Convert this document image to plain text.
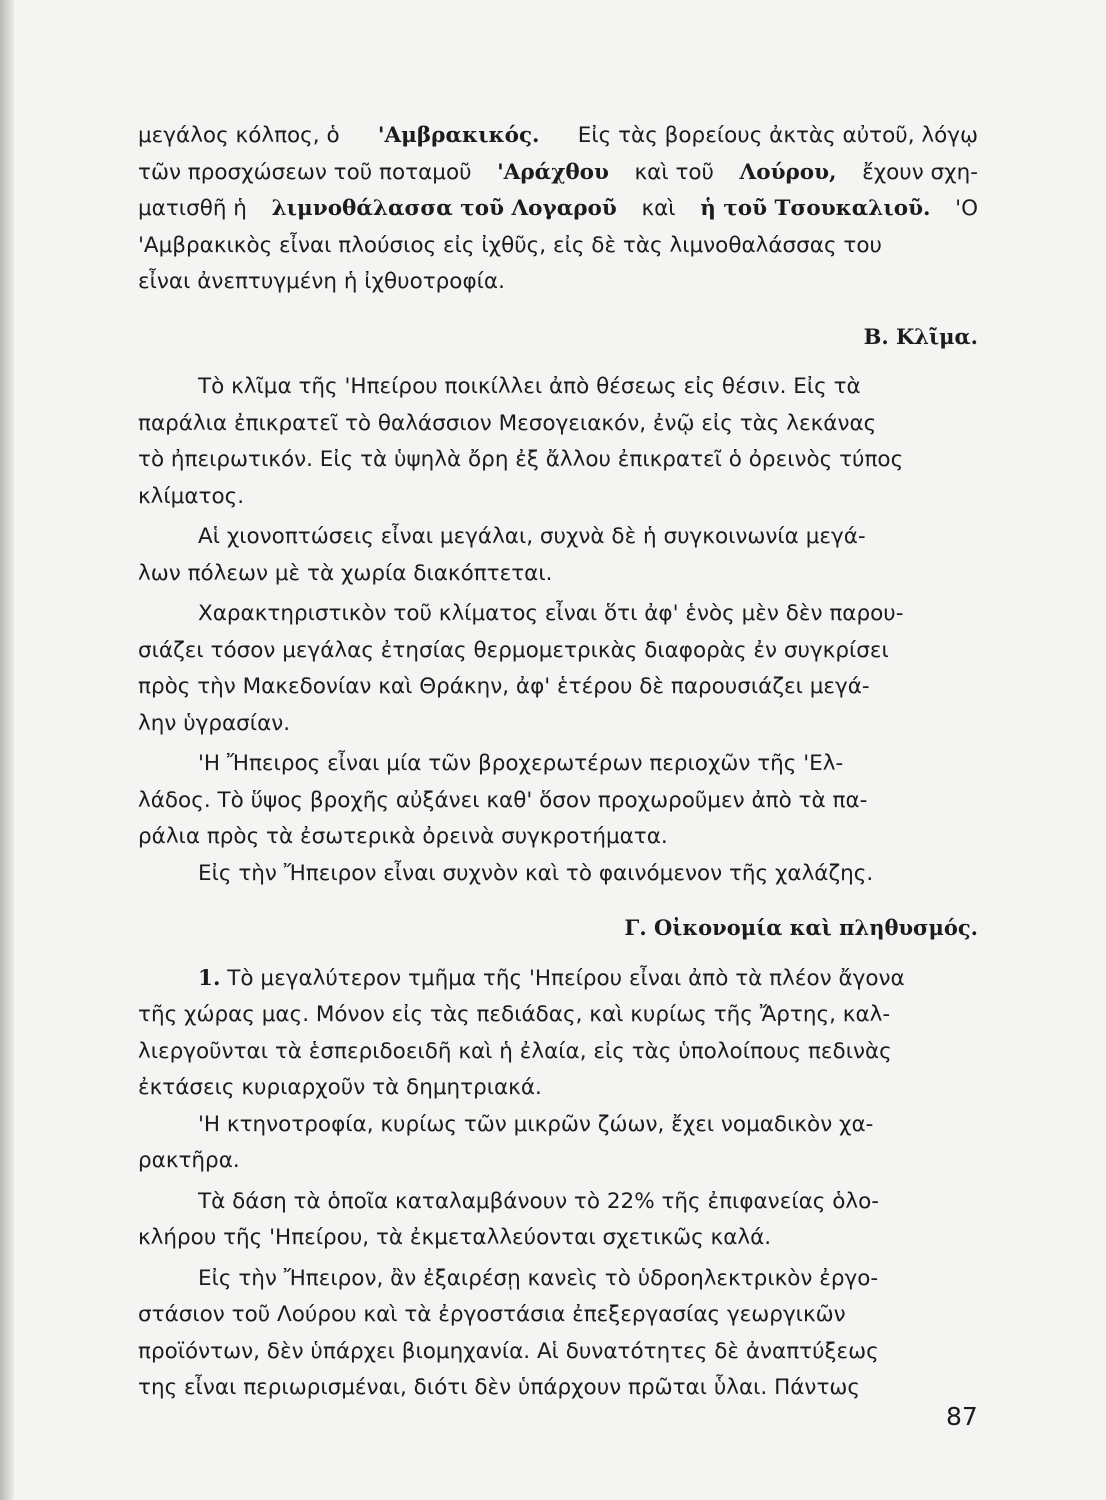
μεγάλος κόλπος, ὁ 'Αμβρακικός. Εἰς τὰς βορείους ἀκτὰς αὐτοῦ, λόγῳ
τῶν προσχώσεων τοῦ ποταμοῦ 'Αράχθου καὶ τοῦ Λούρου, ἔχουν σχη-
ματισθῆ ἡ λιμνοθάλασσα τοῦ Λογαροῦ καὶ ἡ τοῦ Τσουκαλιοῦ. 'Ο
'Αμβρακικὸς εἶναι πλούσιος εἰς ἰχθῦς, εἰς δὲ τὰς λιμνοθαλάσσας του
εἶναι ἀνεπτυγμένη ἡ ἰχθυοτροφία.
Β. Κλῖμα.
Τὸ κλῖμα τῆς 'Ηπείρου ποικίλλει ἀπὸ θέσεως εἰς θέσιν. Εἰς τὰ
παράλια ἐπικρατεῖ τὸ θαλάσσιον Μεσογειακόν, ἐνῷ εἰς τὰς λεκάνας
τὸ ἠπειρωτικόν. Εἰς τὰ ὑψηλὰ ὄρη ἐξ ἄλλου ἐπικρατεῖ ὁ ὀρεινὸς τύπος
κλίματος.
Αἱ χιονοπτώσεις εἶναι μεγάλαι, συχνὰ δὲ ἡ συγκοινωνία μεγά-
λων πόλεων μὲ τὰ χωρία διακόπτεται.
Χαρακτηριστικὸν τοῦ κλίματος εἶναι ὅτι ἀφ' ἑνὸς μὲν δὲν παρου-
σιάζει τόσον μεγάλας ἐτησίας θερμομετρικὰς διαφορὰς ἐν συγκρίσει
πρὸς τὴν Μακεδονίαν καὶ Θράκην, ἀφ' ἑτέρου δὲ παρουσιάζει μεγά-
λην ὑγρασίαν.
'Η Ἤπειρος εἶναι μία τῶν βροχερωτέρων περιοχῶν τῆς 'Ελ-
λάδος. Τὸ ὕψος βροχῆς αὐξάνει καθ' ὅσον προχωροῦμεν ἀπὸ τὰ πα-
ράλια πρὸς τὰ ἐσωτερικὰ ὀρεινὰ συγκροτήματα.
Εἰς τὴν Ἤπειρον εἶναι συχνὸν καὶ τὸ φαινόμενον τῆς χαλάζης.
Γ. Οἰκονομία καὶ πληθυσμός.
1. Τὸ μεγαλύτερον τμῆμα τῆς 'Ηπείρου εἶναι ἀπὸ τὰ πλέον ἄγονα
τῆς χώρας μας. Μόνον εἰς τὰς πεδιάδας, καὶ κυρίως τῆς Ἄρτης, καλ-
λιεργοῦνται τὰ ἑσπεριδοειδῆ καὶ ἡ ἐλαία, εἰς τὰς ὑπολοίπους πεδινὰς
ἐκτάσεις κυριαρχοῦν τὰ δημητριακά.
'Η κτηνοτροφία, κυρίως τῶν μικρῶν ζώων, ἔχει νομαδικὸν χα-
ρακτῆρα.
Τὰ δάση τὰ ὁποῖα καταλαμβάνουν τὸ 22% τῆς ἐπιφανείας ὁλο-
κλήρου τῆς 'Ηπείρου, τὰ ἐκμεταλλεύονται σχετικῶς καλά.
Εἰς τὴν Ἤπειρον, ἂν ἐξαιρέσῃ κανεὶς τὸ ὑδροηλεκτρικὸν ἐργο-
στάσιον τοῦ Λούρου καὶ τὰ ἐργοστάσια ἐπεξεργασίας γεωργικῶν
προϊόντων, δὲν ὑπάρχει βιομηχανία. Αἱ δυνατότητες δὲ ἀναπτύξεως
της εἶναι περιωρισμέναι, διότι δὲν ὑπάρχουν πρῶται ὗλαι. Πάντως
87
